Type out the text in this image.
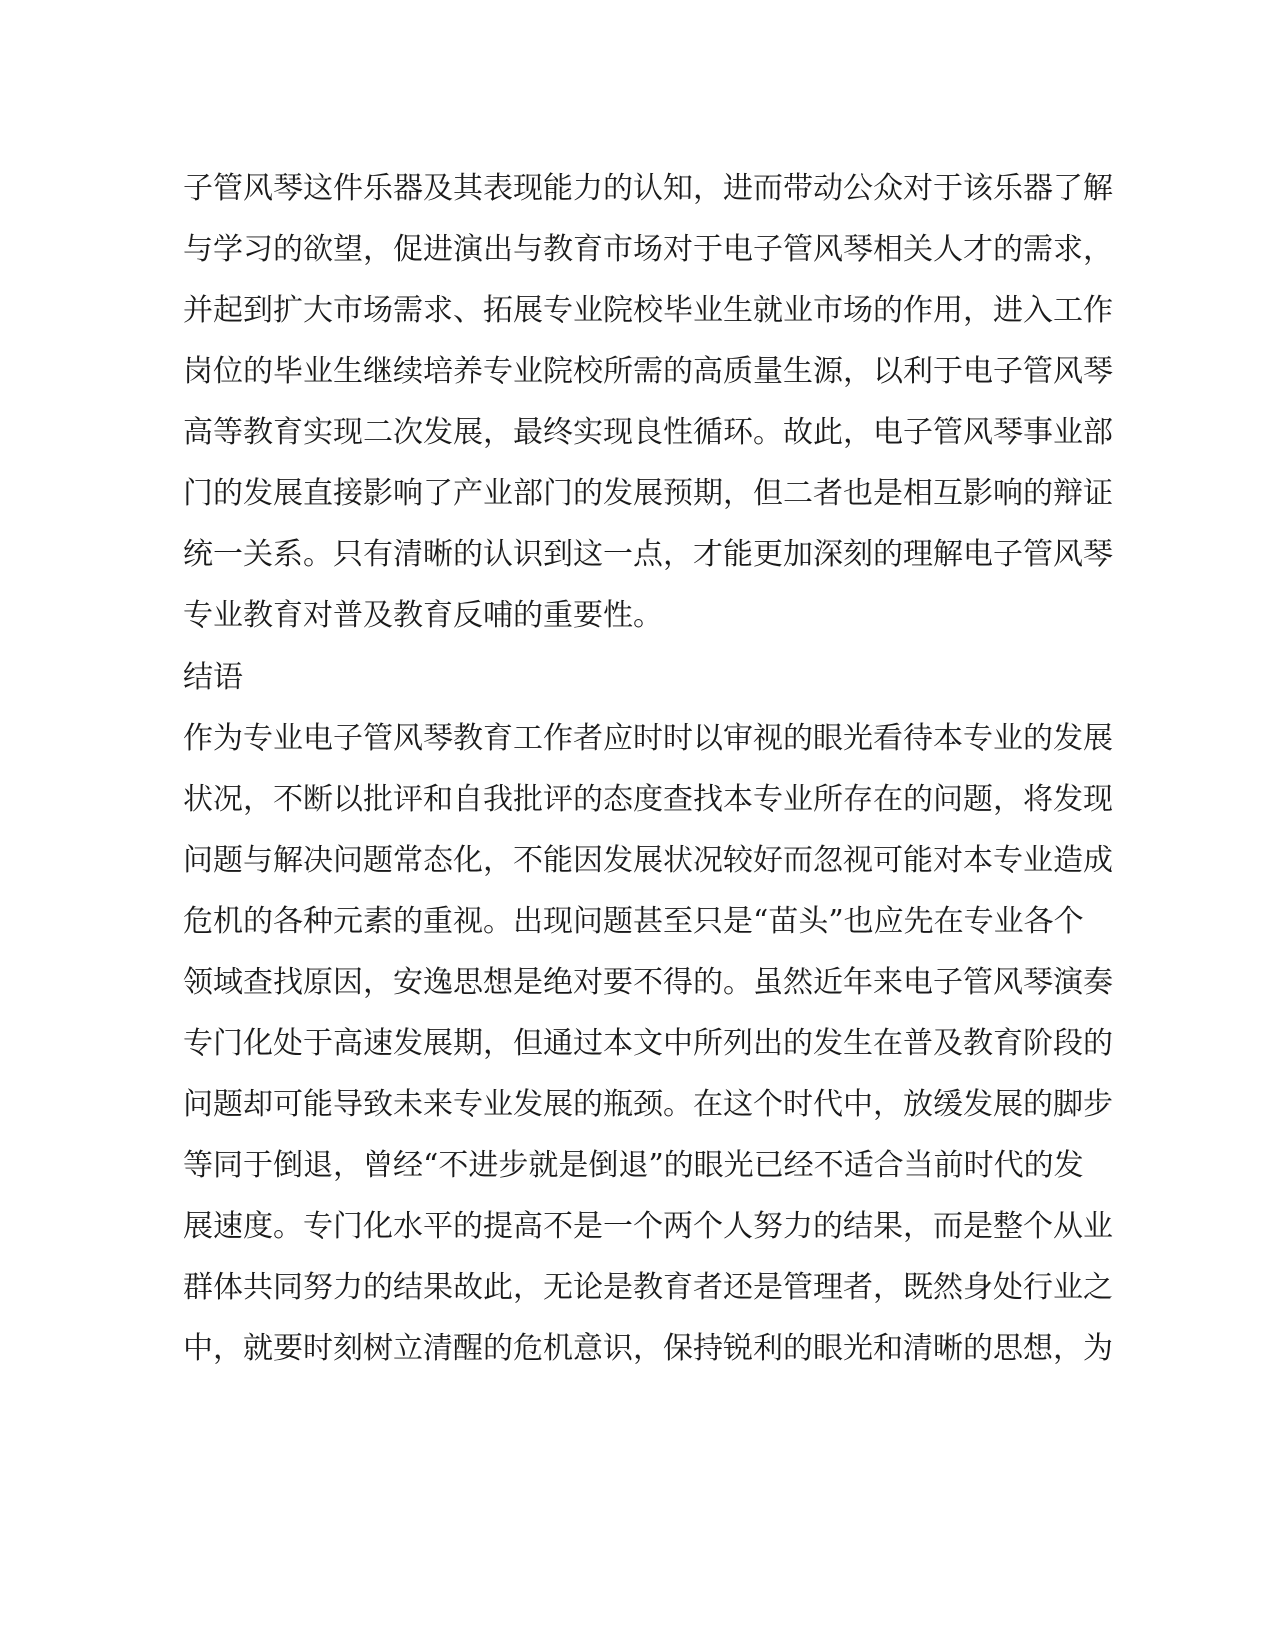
子管风琴这件乐器及其表现能力的认知，进而带动公众对于该乐器了解
与学习的欲望，促进演出与教育市场对于电子管风琴相关人才的需求，
并起到扩大市场需求、拓展专业院校毕业生就业市场的作用，进入工作
岗位的毕业生继续培养专业院校所需的高质量生源，以利于电子管风琴
高等教育实现二次发展，最终实现良性循环。故此，电子管风琴事业部
门的发展直接影响了产业部门的发展预期，但二者也是相互影响的辩证
统一关系。只有清晰的认识到这一点，才能更加深刻的理解电子管风琴
专业教育对普及教育反哺的重要性。
结语
作为专业电子管风琴教育工作者应时时以审视的眼光看待本专业的发展
状况，不断以批评和自我批评的态度查找本专业所存在的问题，将发现
问题与解决问题常态化，不能因发展状况较好而忽视可能对本专业造成
危机的各种元素的重视。出现问题甚至只是“苗头”也应先在专业各个
领域查找原因，安逸思想是绝对要不得的。虽然近年来电子管风琴演奏
专门化处于高速发展期，但通过本文中所列出的发生在普及教育阶段的
问题却可能导致未来专业发展的瓶颈。在这个时代中，放缓发展的脚步
等同于倒退，曾经“不进步就是倒退”的眼光已经不适合当前时代的发
展速度。专门化水平的提高不是一个两个人努力的结果，而是整个从业
群体共同努力的结果故此，无论是教育者还是管理者，既然身处行业之
中，就要时刻树立清醒的危机意识，保持锐利的眼光和清晰的思想，为
